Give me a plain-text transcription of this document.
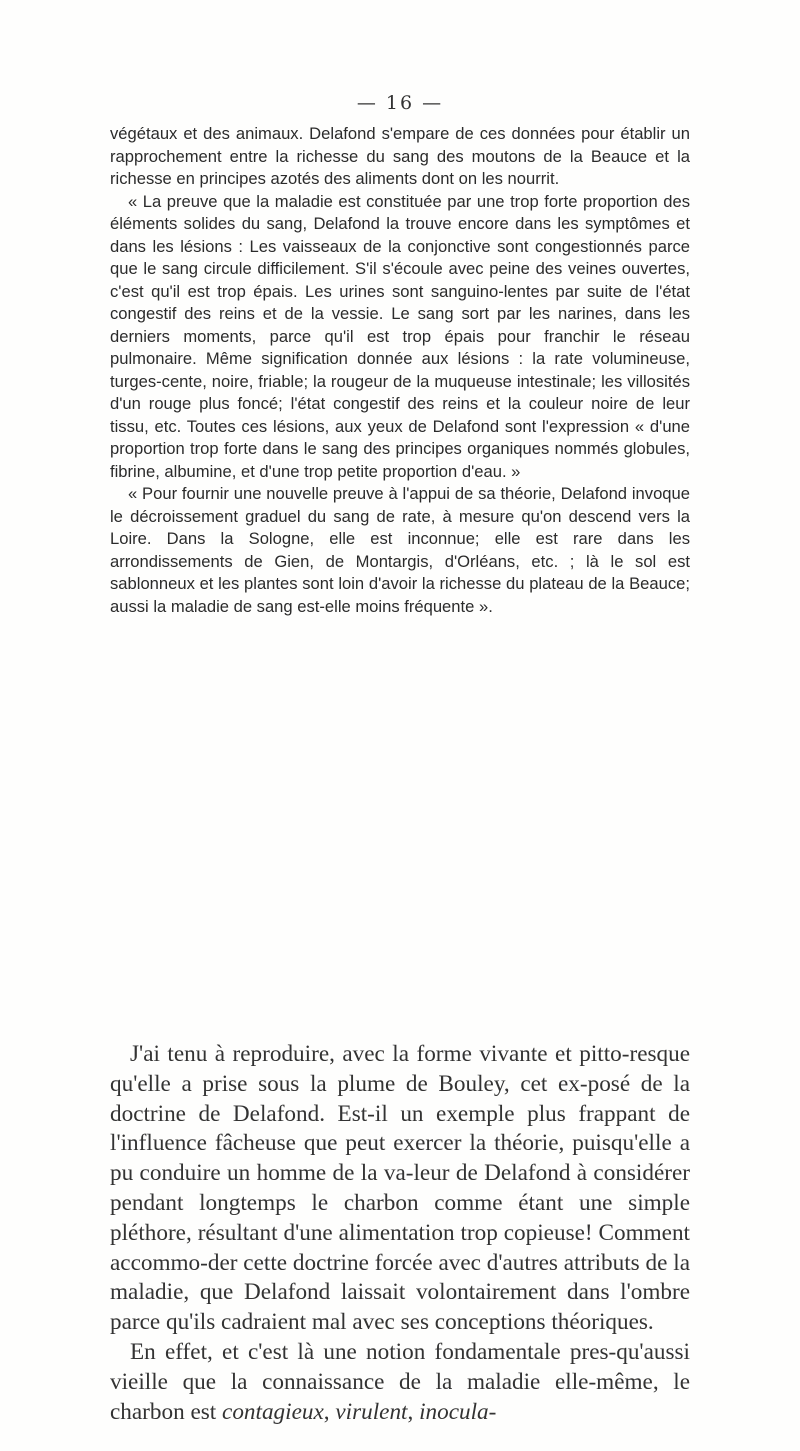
— 16 —

végétaux et des animaux. Delafond s'empare de ces données pour établir un rapprochement entre la richesse du sang des moutons de la Beauce et la richesse en principes azotés des aliments dont on les nourrit.

« La preuve que la maladie est constituée par une trop forte proportion des éléments solides du sang, Delafond la trouve encore dans les symptômes et dans les lésions : Les vaisseaux de la conjonctive sont congestionnés parce que le sang circule difficilement. S'il s'écoule avec peine des veines ouvertes, c'est qu'il est trop épais. Les urines sont sanguino-lentes par suite de l'état congestif des reins et de la vessie. Le sang sort par les narines, dans les derniers moments, parce qu'il est trop épais pour franchir le réseau pulmonaire. Même signification donnée aux lésions : la rate volumineuse, turges-cente, noire, friable; la rougeur de la muqueuse intestinale; les villosités d'un rouge plus foncé; l'état congestif des reins et la couleur noire de leur tissu, etc. Toutes ces lésions, aux yeux de Delafond sont l'expression « d'une proportion trop forte dans le sang des principes organiques nommés globules, fibrine, albumine, et d'une trop petite proportion d'eau. »

« Pour fournir une nouvelle preuve à l'appui de sa théorie, Delafond invoque le décroissement graduel du sang de rate, à mesure qu'on descend vers la Loire. Dans la Sologne, elle est inconnue; elle est rare dans les arrondissements de Gien, de Montargis, d'Orléans, etc. ; là le sol est sablonneux et les plantes sont loin d'avoir la richesse du plateau de la Beauce; aussi la maladie de sang est-elle moins fréquente ».

J'ai tenu à reproduire, avec la forme vivante et pitto-resque qu'elle a prise sous la plume de Bouley, cet ex-posé de la doctrine de Delafond. Est-il un exemple plus frappant de l'influence fâcheuse que peut exercer la théorie, puisqu'elle a pu conduire un homme de la va-leur de Delafond à considérer pendant longtemps le charbon comme étant une simple pléthore, résultant d'une alimentation trop copieuse! Comment accommo-der cette doctrine forcée avec d'autres attributs de la maladie, que Delafond laissait volontairement dans l'ombre parce qu'ils cadraient mal avec ses conceptions théoriques.

En effet, et c'est là une notion fondamentale pres-qu'aussi vieille que la connaissance de la maladie elle-même, le charbon est contagieux, virulent, inocula-
